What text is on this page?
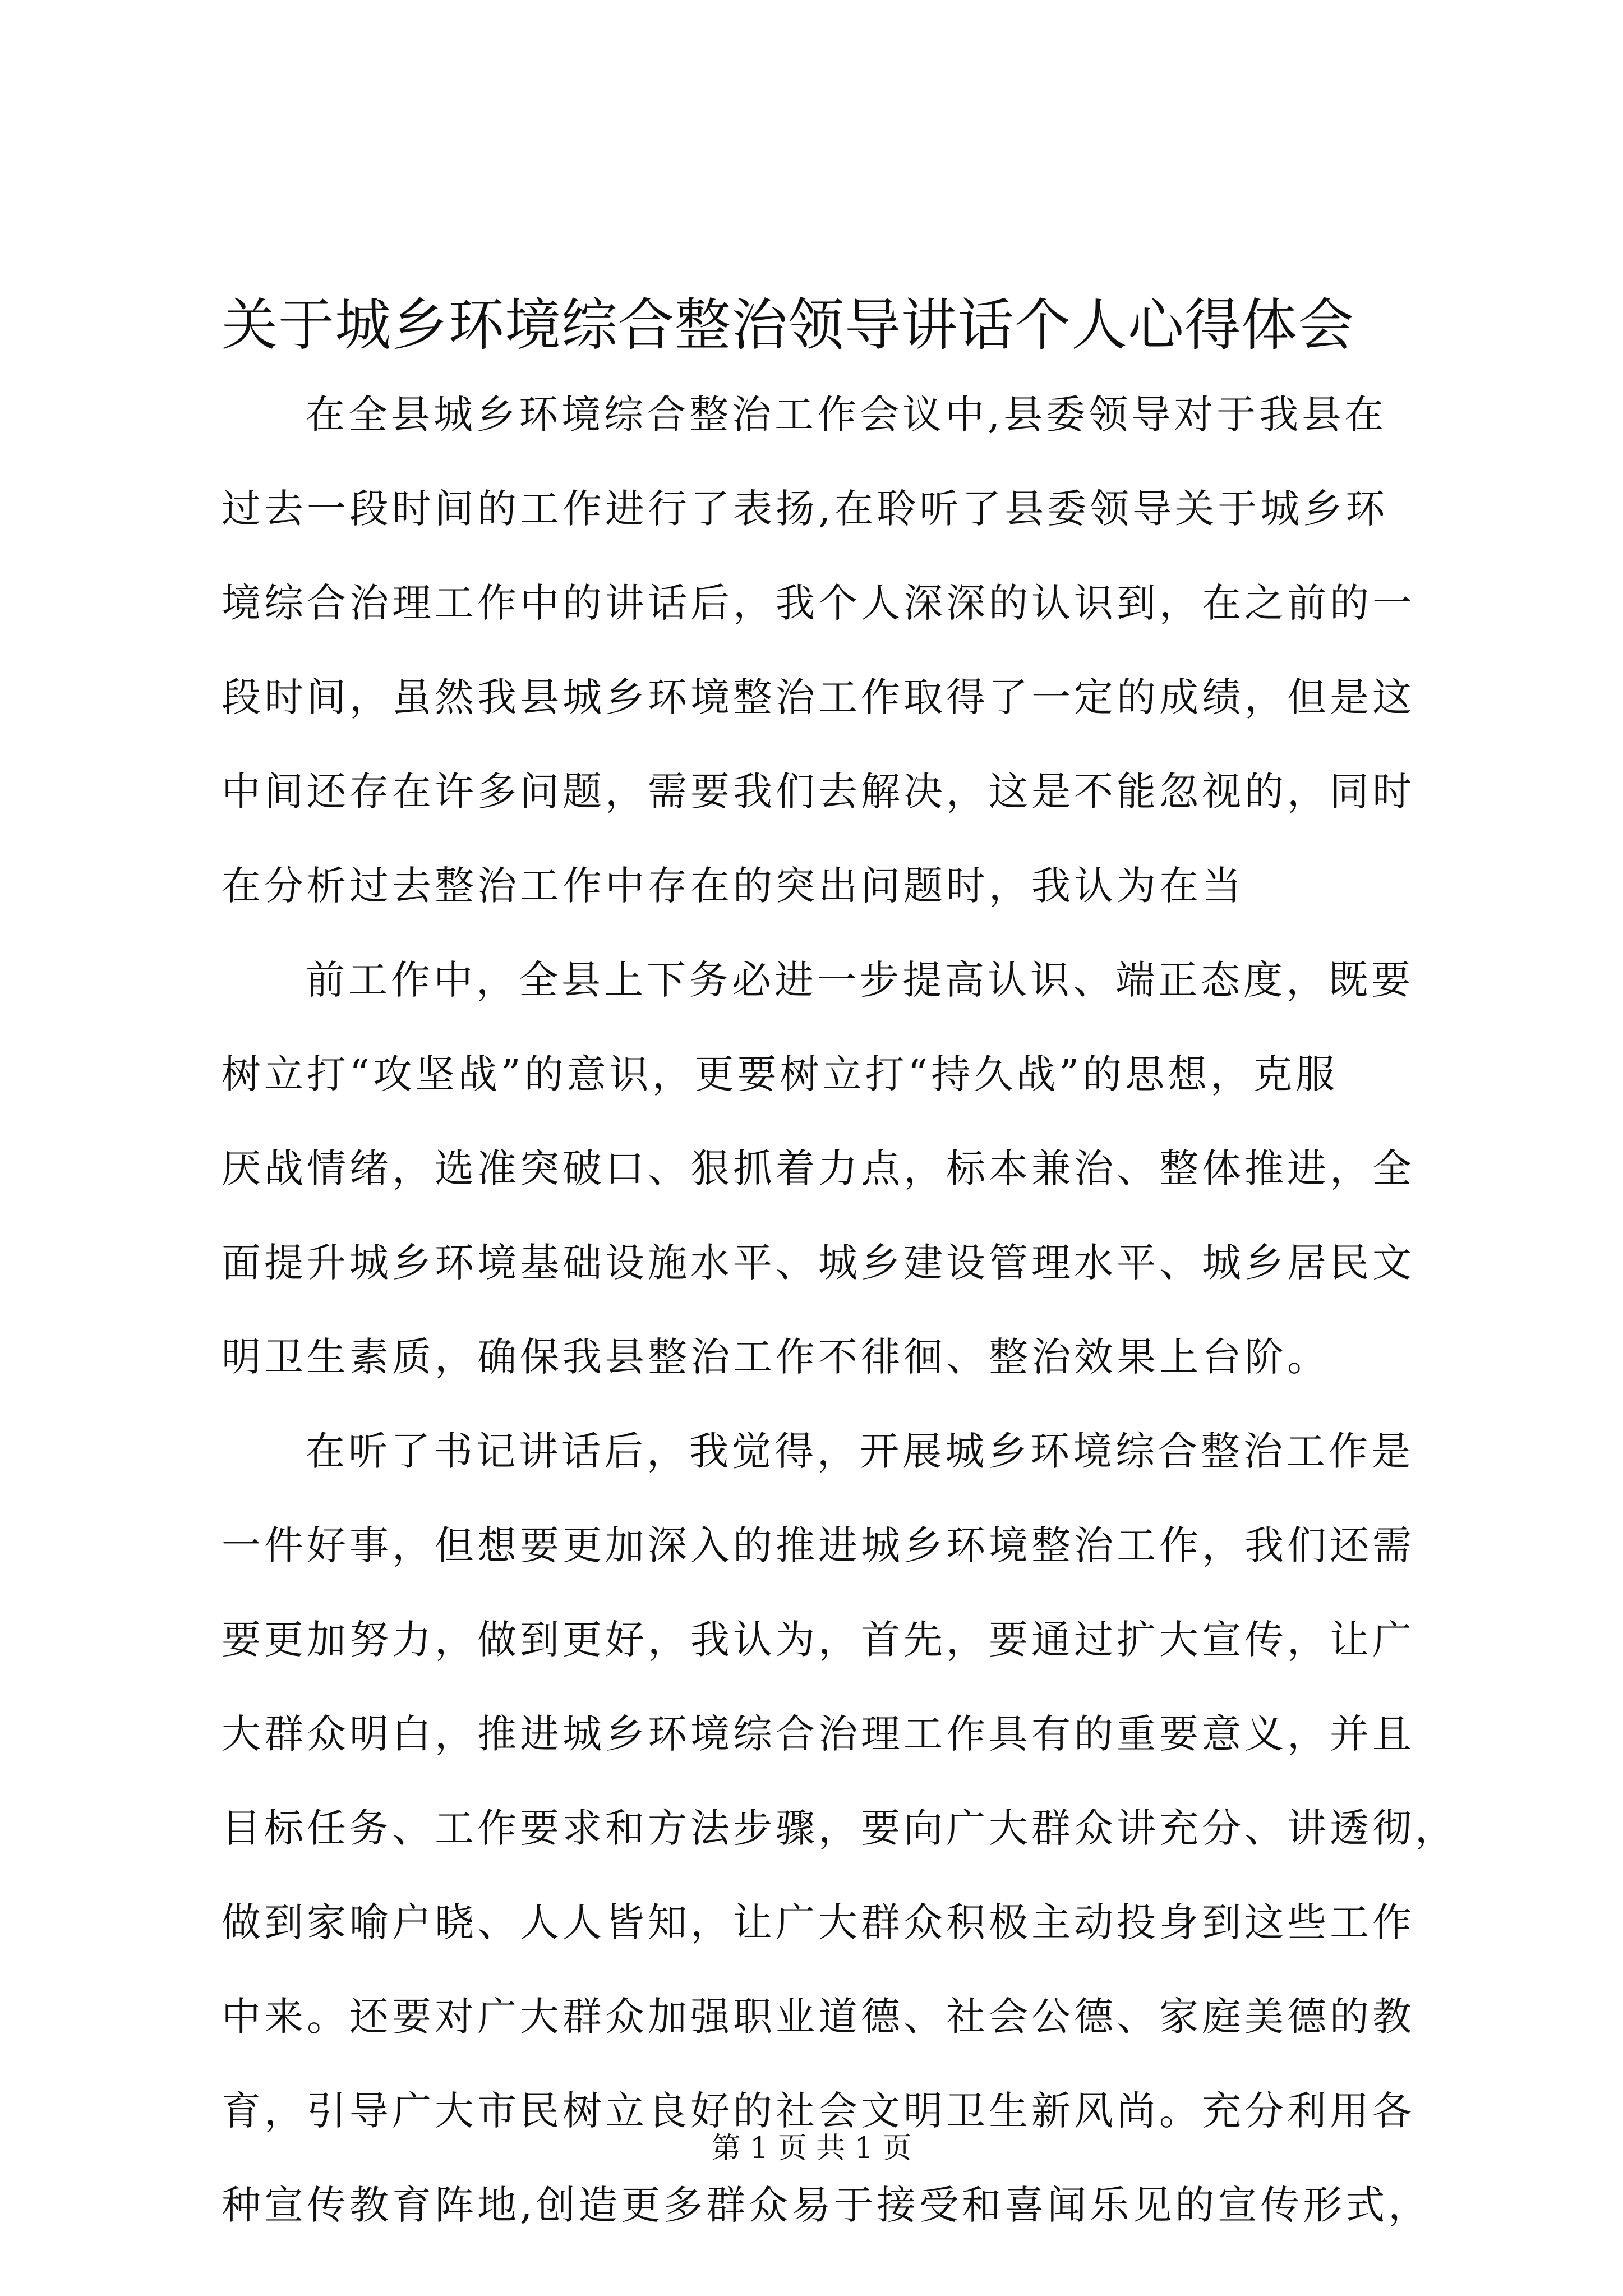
关于城乡环境综合整治领导讲话个人心得体会
在全县城乡环境综合整治工作会议中,县委领导对于我县在
过去一段时间的工作进行了表扬,在聆听了县委领导关于城乡环
境综合治理工作中的讲话后，我个人深深的认识到，在之前的一
段时间，虽然我县城乡环境整治工作取得了一定的成绩，但是这
中间还存在许多问题，需要我们去解决，这是不能忽视的，同时
在分析过去整治工作中存在的突出问题时，我认为在当
前工作中，全县上下务必进一步提高认识、端正态度，既要
树立打“攻坚战”的意识，更要树立打“持久战”的思想，克服
厌战情绪，选准突破口、狠抓着力点，标本兼治、整体推进，全
面提升城乡环境基础设施水平、城乡建设管理水平、城乡居民文
明卫生素质，确保我县整治工作不徘徊、整治效果上台阶。
在听了书记讲话后，我觉得，开展城乡环境综合整治工作是
一件好事，但想要更加深入的推进城乡环境整治工作，我们还需
要更加努力，做到更好，我认为，首先，要通过扩大宣传，让广
大群众明白，推进城乡环境综合治理工作具有的重要意义，并且
目标任务、工作要求和方法步骤，要向广大群众讲充分、讲透彻，
做到家喻户晓、人人皆知，让广大群众积极主动投身到这些工作
中来。还要对广大群众加强职业道德、社会公德、家庭美德的教
育，引导广大市民树立良好的社会文明卫生新风尚。充分利用各
种宣传教育阵地,创造更多群众易于接受和喜闻乐见的宣传形式，
第 1 页 共 1 页
